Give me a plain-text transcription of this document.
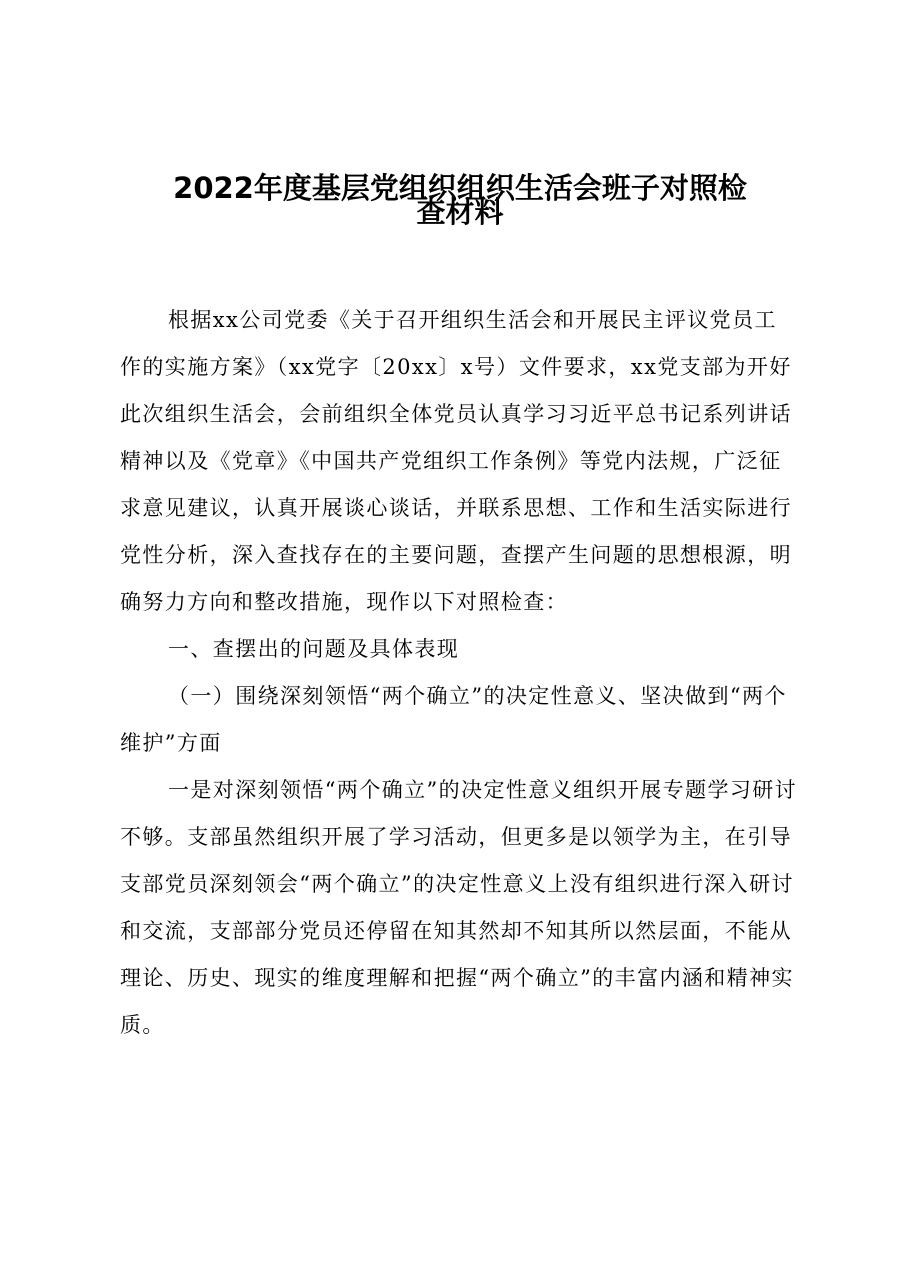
2022年度基层党组织组织生活会班子对照检
查材料

根据xx公司党委《关于召开组织生活会和开展民主评议党员工作的实施方案》（xx党字〔20xx〕x号）文件要求，xx党支部为开好此次组织生活会，会前组织全体党员认真学习习近平总书记系列讲话精神以及《党章》《中国共产党组织工作条例》等党内法规，广泛征求意见建议，认真开展谈心谈话，并联系思想、工作和生活实际进行党性分析，深入查找存在的主要问题，查摆产生问题的思想根源，明确努力方向和整改措施，现作以下对照检查：

一、查摆出的问题及具体表现

（一）围绕深刻领悟“两个确立”的决定性意义、坚决做到“两个维护”方面

一是对深刻领悟“两个确立”的决定性意义组织开展专题学习研讨不够。支部虽然组织开展了学习活动，但更多是以领学为主，在引导支部党员深刻领会“两个确立”的决定性意义上没有组织进行深入研讨和交流，支部部分党员还停留在知其然却不知其所以然层面，不能从理论、历史、现实的维度理解和把握“两个确立”的丰富内涵和精神实质。
